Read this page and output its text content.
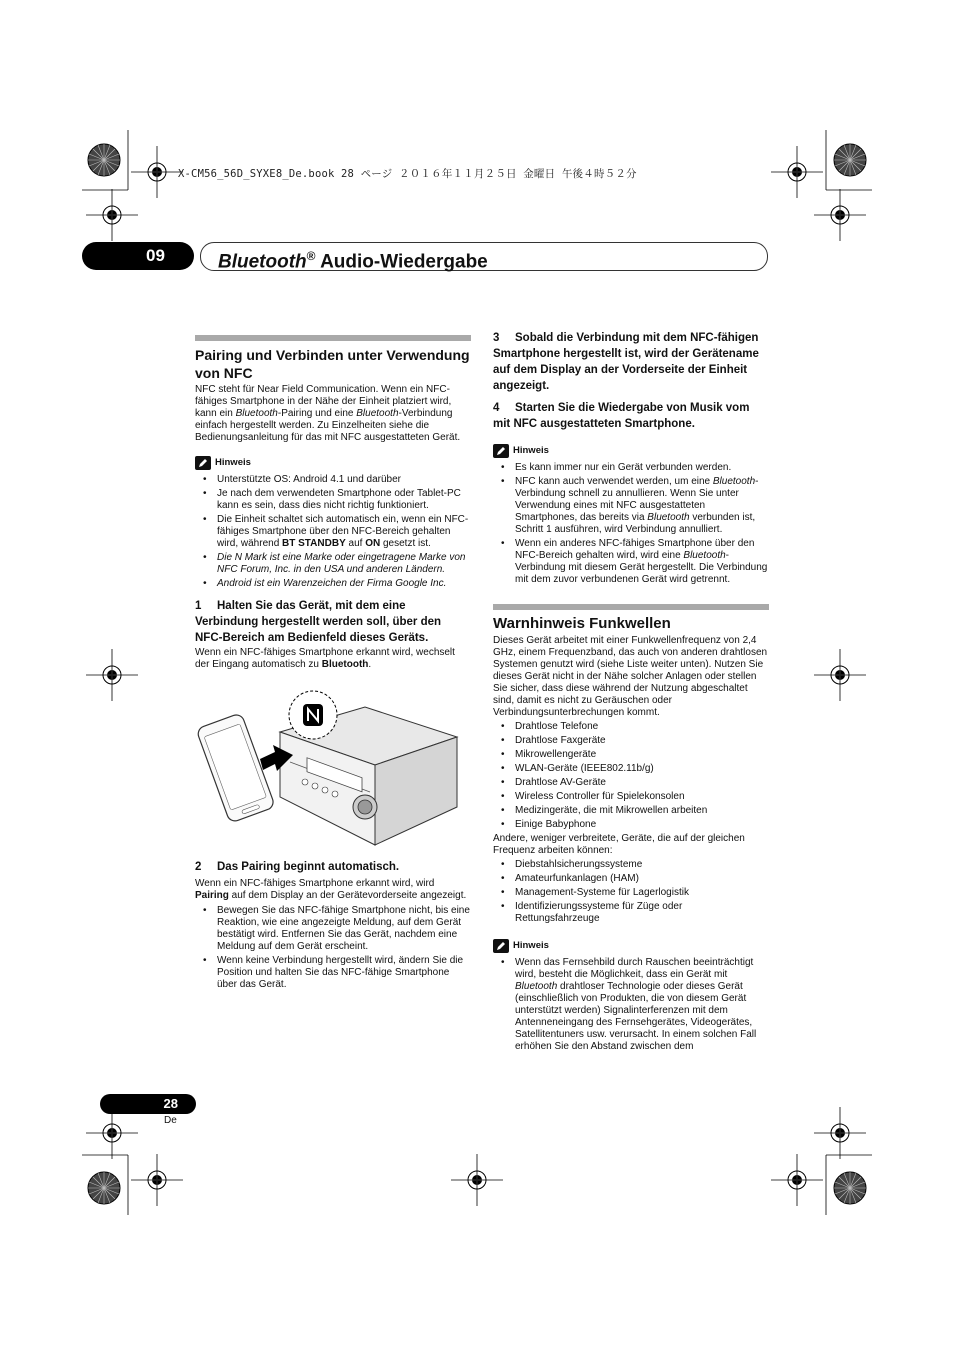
X-CM56_56D_SYXE8_De.book 28 ページ ２０１６年１１月２５日 金曜日 午後４時５２分
09	Bluetooth® Audio-Wiedergabe
Pairing und Verbinden unter Verwendung von NFC

NFC steht für Near Field Communication. Wenn ein NFC-fähiges Smartphone in der Nähe der Einheit platziert wird, kann ein Bluetooth-Pairing und eine Bluetooth-Verbindung einfach hergestellt werden. Zu Einzelheiten siehe die Bedienungsanleitung für das mit NFC ausgestatteten Gerät.

Hinweis
• Unterstützte OS: Android 4.1 und darüber
• Je nach dem verwendeten Smartphone oder Tablet-PC kann es sein, dass dies nicht richtig funktioniert.
• Die Einheit schaltet sich automatisch ein, wenn ein NFC-fähiges Smartphone über den NFC-Bereich gehalten wird, während BT STANDBY auf ON gesetzt ist.
• Die N Mark ist eine Marke oder eingetragene Marke von NFC Forum, Inc. in den USA und anderen Ländern.
• Android ist ein Warenzeichen der Firma Google Inc.

1 Halten Sie das Gerät, mit dem eine Verbindung hergestellt werden soll, über den NFC-Bereich am Bedienfeld dieses Geräts.

Wenn ein NFC-fähiges Smartphone erkannt wird, wechselt der Eingang automatisch zu Bluetooth.

2 Das Pairing beginnt automatisch.

Wenn ein NFC-fähiges Smartphone erkannt wird, wird Pairing auf dem Display an der Gerätevorderseite angezeigt.

• Bewegen Sie das NFC-fähige Smartphone nicht, bis eine Reaktion, wie eine angezeigte Meldung, auf dem Gerät bestätigt wird. Entfernen Sie das Gerät, nachdem eine Meldung auf dem Gerät erscheint.
• Wenn keine Verbindung hergestellt wird, ändern Sie die Position und halten Sie das NFC-fähige Smartphone über das Gerät.

3 Sobald die Verbindung mit dem NFC-fähigen Smartphone hergestellt ist, wird der Gerätename auf dem Display an der Vorderseite der Einheit angezeigt.

4 Starten Sie die Wiedergabe von Musik vom mit NFC ausgestatteten Smartphone.

Hinweis
• Es kann immer nur ein Gerät verbunden werden.
• NFC kann auch verwendet werden, um eine Bluetooth-Verbindung schnell zu annullieren. Wenn Sie unter Verwendung eines mit NFC ausgestatteten Smartphones, das bereits via Bluetooth verbunden ist, Schritt 1 ausführen, wird Verbindung annulliert.
• Wenn ein anderes NFC-fähiges Smartphone über den NFC-Bereich gehalten wird, wird eine Bluetooth-Verbindung mit diesem Gerät hergestellt. Die Verbindung mit dem zuvor verbundenen Gerät wird getrennt.
Warnhinweis Funkwellen

Dieses Gerät arbeitet mit einer Funkwellenfrequenz von 2,4 GHz, einem Frequenzband, das auch von anderen drahtlosen Systemen genutzt wird (siehe Liste weiter unten). Nutzen Sie dieses Gerät nicht in der Nähe solcher Anlagen oder stellen Sie sicher, dass diese während der Nutzung abgeschaltet sind, damit es nicht zu Geräuschen oder Verbindungsunterbrechungen kommt.

• Drahtlose Telefone
• Drahtlose Faxgeräte
• Mikrowellengeräte
• WLAN-Geräte (IEEE802.11b/g)
• Drahtlose AV-Geräte
• Wireless Controller für Spielekonsolen
• Medizingeräte, die mit Mikrowellen arbeiten
• Einige Babyphone

Andere, weniger verbreitete, Geräte, die auf der gleichen Frequenz arbeiten können:

• Diebstahlsicherungssysteme
• Amateurfunkanlagen (HAM)
• Management-Systeme für Lagerlogistik
• Identifizierungssysteme für Züge oder Rettungsfahrzeuge
Hinweis
• Wenn das Fernsehbild durch Rauschen beeinträchtigt wird, besteht die Möglichkeit, dass ein Gerät mit Bluetooth drahtloser Technologie oder dieses Gerät (einschließlich von Produkten, die von diesem Gerät unterstützt werden) Signalinterferenzen mit dem Antenneneingang des Fernsehgerätes, Videogerätes, Satellitentuners usw. verursacht. In einem solchen Fall erhöhen Sie den Abstand zwischen dem
28
De
